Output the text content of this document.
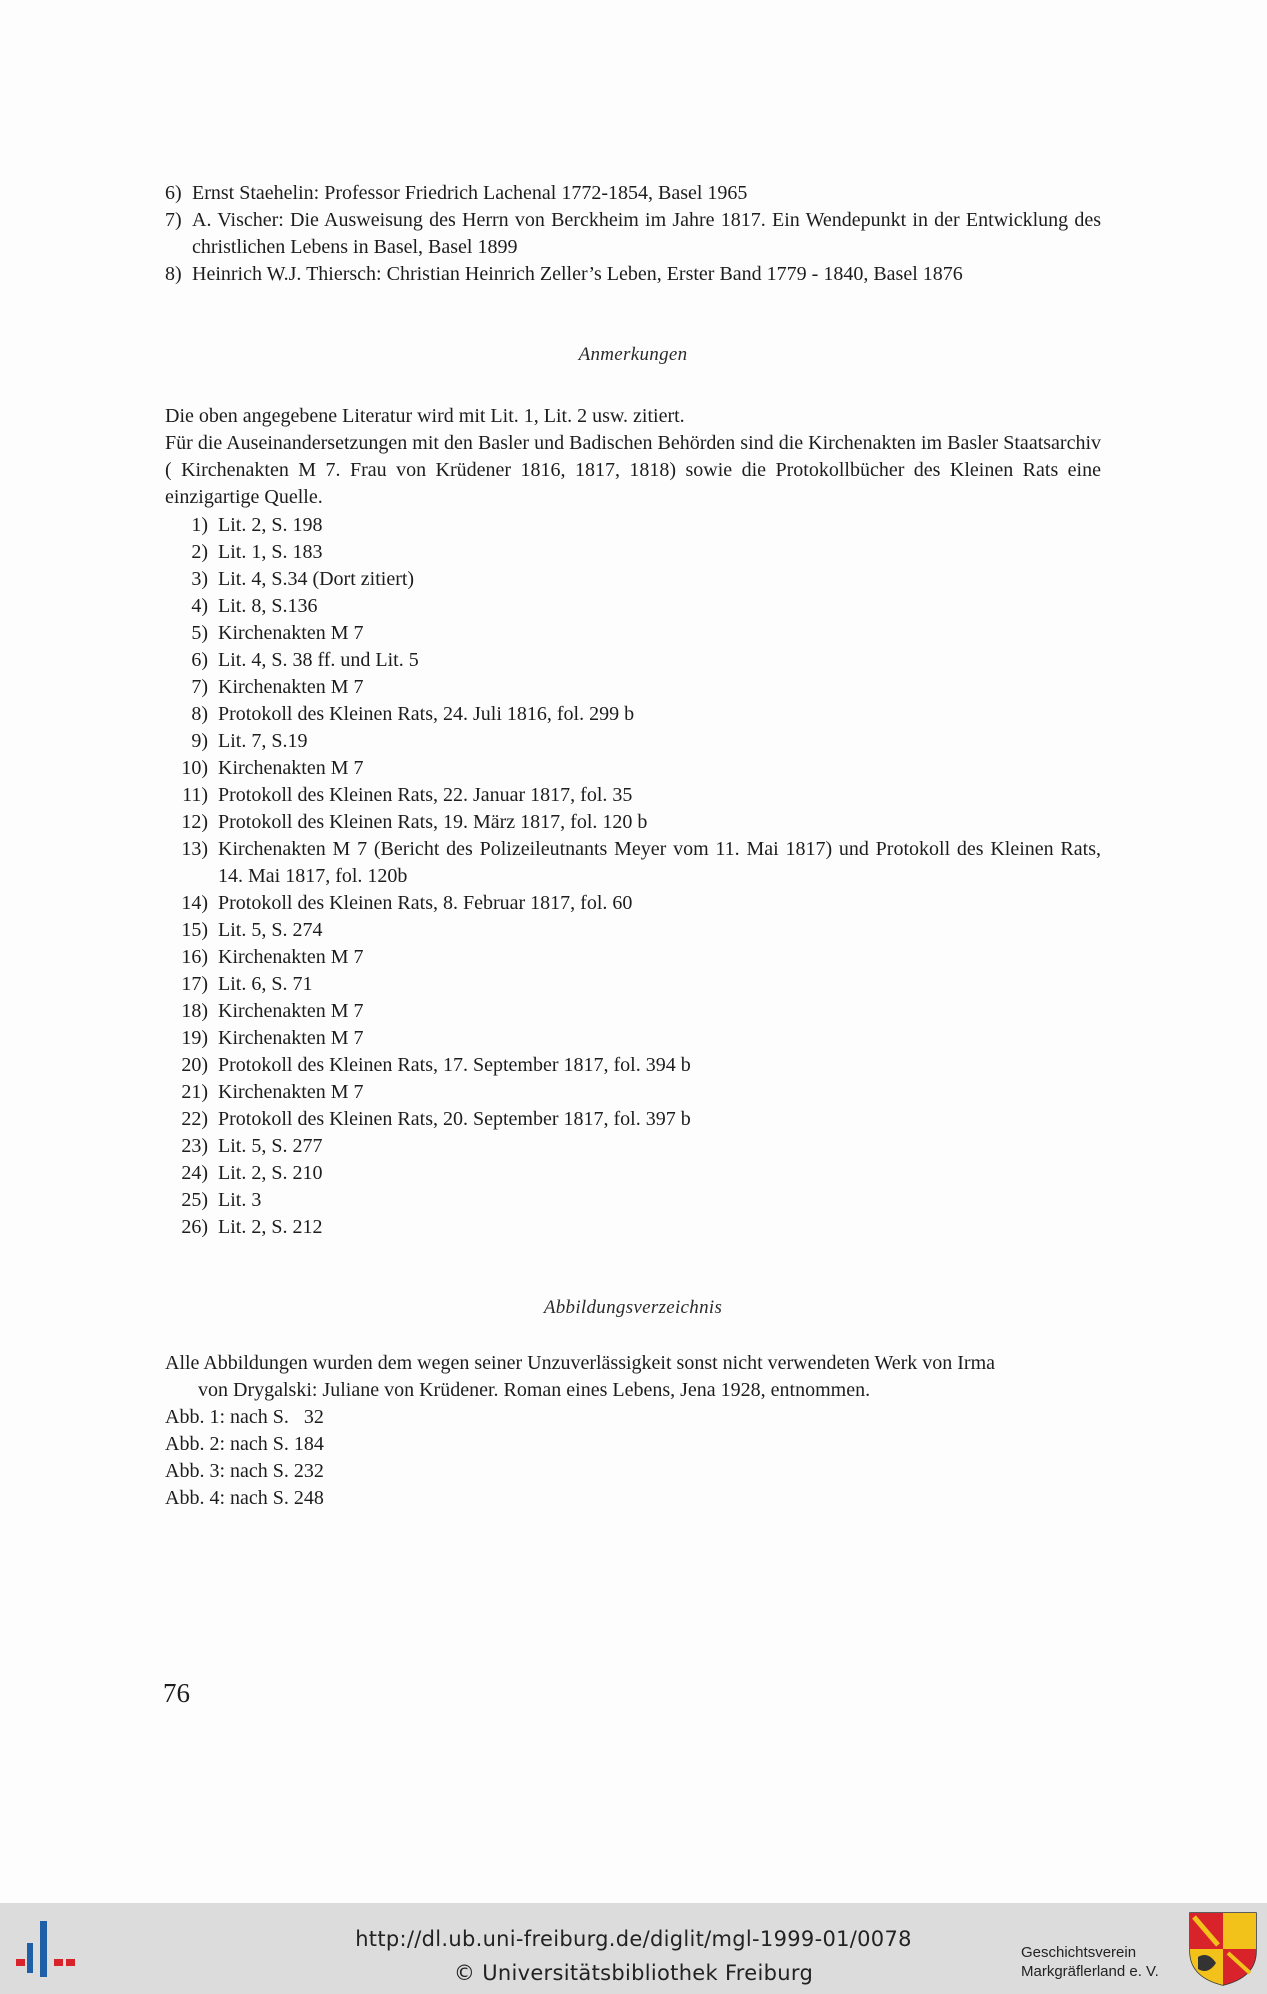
6) Ernst Staehelin: Professor Friedrich Lachenal 1772-1854, Basel 1965
7) A. Vischer: Die Ausweisung des Herrn von Berckheim im Jahre 1817. Ein Wendepunkt in der Entwicklung des christlichen Lebens in Basel, Basel 1899
8) Heinrich W.J. Thiersch: Christian Heinrich Zeller’s Leben, Erster Band 1779 - 1840, Basel 1876
Anmerkungen
Die oben angegebene Literatur wird mit Lit. 1, Lit. 2 usw. zitiert.
Für die Auseinandersetzungen mit den Basler und Badischen Behörden sind die Kirchenakten im Basler Staatsarchiv ( Kirchenakten M 7. Frau von Krüdener 1816, 1817, 1818) sowie die Protokollbücher des Kleinen Rats eine einzigartige Quelle.
1) Lit. 2, S. 198
2) Lit. 1, S. 183
3) Lit. 4, S.34 (Dort zitiert)
4) Lit. 8, S.136
5) Kirchenakten M 7
6) Lit. 4, S. 38 ff. und Lit. 5
7) Kirchenakten M 7
8) Protokoll des Kleinen Rats, 24. Juli 1816, fol. 299 b
9) Lit. 7, S.19
10) Kirchenakten M 7
11) Protokoll des Kleinen Rats, 22. Januar 1817, fol. 35
12) Protokoll des Kleinen Rats, 19. März 1817, fol. 120 b
13) Kirchenakten M 7 (Bericht des Polizeileutnants Meyer vom 11. Mai 1817) und Protokoll des Kleinen Rats, 14. Mai 1817, fol. 120b
14) Protokoll des Kleinen Rats, 8. Februar 1817, fol. 60
15) Lit. 5, S. 274
16) Kirchenakten M 7
17) Lit. 6, S. 71
18) Kirchenakten M 7
19) Kirchenakten M 7
20) Protokoll des Kleinen Rats, 17. September 1817, fol. 394 b
21) Kirchenakten M 7
22) Protokoll des Kleinen Rats, 20. September 1817, fol. 397 b
23) Lit. 5, S. 277
24) Lit. 2, S. 210
25) Lit. 3
26) Lit. 2, S. 212
Abbildungsverzeichnis
Alle Abbildungen wurden dem wegen seiner Unzuverlässigkeit sonst nicht verwendeten Werk von Irma
von Drygalski: Juliane von Krüdener. Roman eines Lebens, Jena 1928, entnommen.
Abb. 1: nach S.   32
Abb. 2: nach S. 184
Abb. 3: nach S. 232
Abb. 4: nach S. 248
76
http://dl.ub.uni-freiburg.de/diglit/mgl-1999-01/0078
© Universitätsbibliothek Freiburg
Geschichtsverein
Markgräflerland e. V.
